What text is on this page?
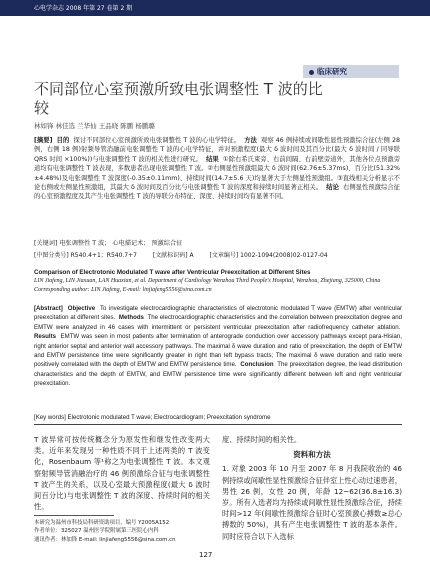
心电学杂志 2008 年第 27 卷第 2 期
临床研究
不同部位心室预激所致电张调整性 T 波的比较
林如锋 林佳选 兰华仙 王品晓 陈鹏 杨鹏璐

[摘要] 目的 探讨不同部位心室预激所致电张调整性 T 波的心电学特征。 方法 观察 46 例持续或间歇性显性预激综合征(左侧 28 例，右侧 18 例)射频导管消融前电张调整性 T 波的心电学特征，并对预激程度(最大 δ 波时间及其百分比(最大 δ 波时间 / 同导联 QRS 时间 ×100%))与电张调整性 T 波的相关性进行研究。 结果 ①除右希氏束旁、右前间隔、右前壁旁道外，其他各位点预激旁道均有电张调整性 T 波表现，多数患者出现电张调整性 T 波。②右侧显性预激组最大 δ 波时间(62.76±5.37ms)、百分比(51.32%±4.48%)及电张调整性 T 波深度(-0.35±0.11mm)、持续时间(14.7±5.6 天)均显著大于左侧显性预激组。③直线相关分析显示不论右侧或左侧显性预激组，其最大 δ 波时间及百分比与电张调整性 T 波的深度和持续时间显著正相关。 结论 右侧显性预激综合征的心室预激程度及其产生电张调整性 T 波的导联分布特征、深度、持续时间均有显著不同。

[关键词] 电张调整性 T 波； 心电描记术； 预激综合征
[中图分类号] R540.4+1；R540.7+7	[文献标识码] A	[文章编号] 1002-1094(2008)02-0127-04
Comparison of Electrotonic Modulated T wave after Ventricular Preexcitation at Different Sites
LIN Jiafeng, LIN Jiaxuan, LAN Huaxian, et al. Department of Cardiology Wenzhou Third People's Hospital, Wenzhou, Zhejiang, 325000, China Corresponding author: LIN Jiafeng, E-mail: linjiafeng5556@sina.com.cn

[Abstract] Objective To investigate electrocardiographic characteristics of electrotonic modulated T wave (EMTW) after ventricular preexcitation at different sites. Methods The electrocardiographic characteristics and the correlation between preexcitation degree and EMTW were analyzed in 46 cases with intermittent or persistent ventricular preexcitation after radiofrequency catheter ablation.  Results EMTW was seen in most patients after termination of anterograde conduction over accessory pathways except para-Hisian, right anterior septal and anterior wall accessory pathways. The maximal δ wave duration and ratio of preexcitation, the depth of EMTW and EMTW persistence time were significantly greater in right than left bypass tracts; The maximal δ wave duration and ratio were positively correlated with the depth of EMTW and EMTW persistence time. Conclusion The preexcitation degree, the lead distribution characteristics and the depth of EMTW, and EMTW persistence time were significantly different between left and right ventricular preexcitation.

[Key words] Electrotonic modulated T wave; Electrocardiogram; Preexcitation syndrome

T 波异常可按传统概念分为原发性和继发性改变两大类。近年来发现另一种性质不同于上述两类的 T 波变化，Rosenbaum 等¹称之为电张调整性 T 波。本文观察射频导管消融治疗的 46 例预激综合征与电张调整性 T 波产生的关系，以及心室最大预激程度(最大 δ 波时间百分比)与电张调整性 T 波的深度、持续时间的相关性。

度、持续时间的相关性。
资料和方法
1. 对象 2003 年 10 月至 2007 年 8 月我院收治的 46 例持续或间歇性显性预激综合征伴室上性心动过速患者，男性 26 例，女性 20 例，年龄 12~62(36.8±16.3)岁。所有入选者均为持续或间歇性显性预激综合征，持续时间>12 年(间歇性预激综合征时心室预激心搏数≥总心搏数的 50%)，具有产生电张调整性 T 波的基本条件。同时应符合以下入选标
本研究为温州市科技局科研资助项目，编号 Y2005A152
作者单位：325027 温州医学院附属第三医院心内科
通讯作者：林加锋 E-mail: linjiafeng5556@sina.com.cn
127
